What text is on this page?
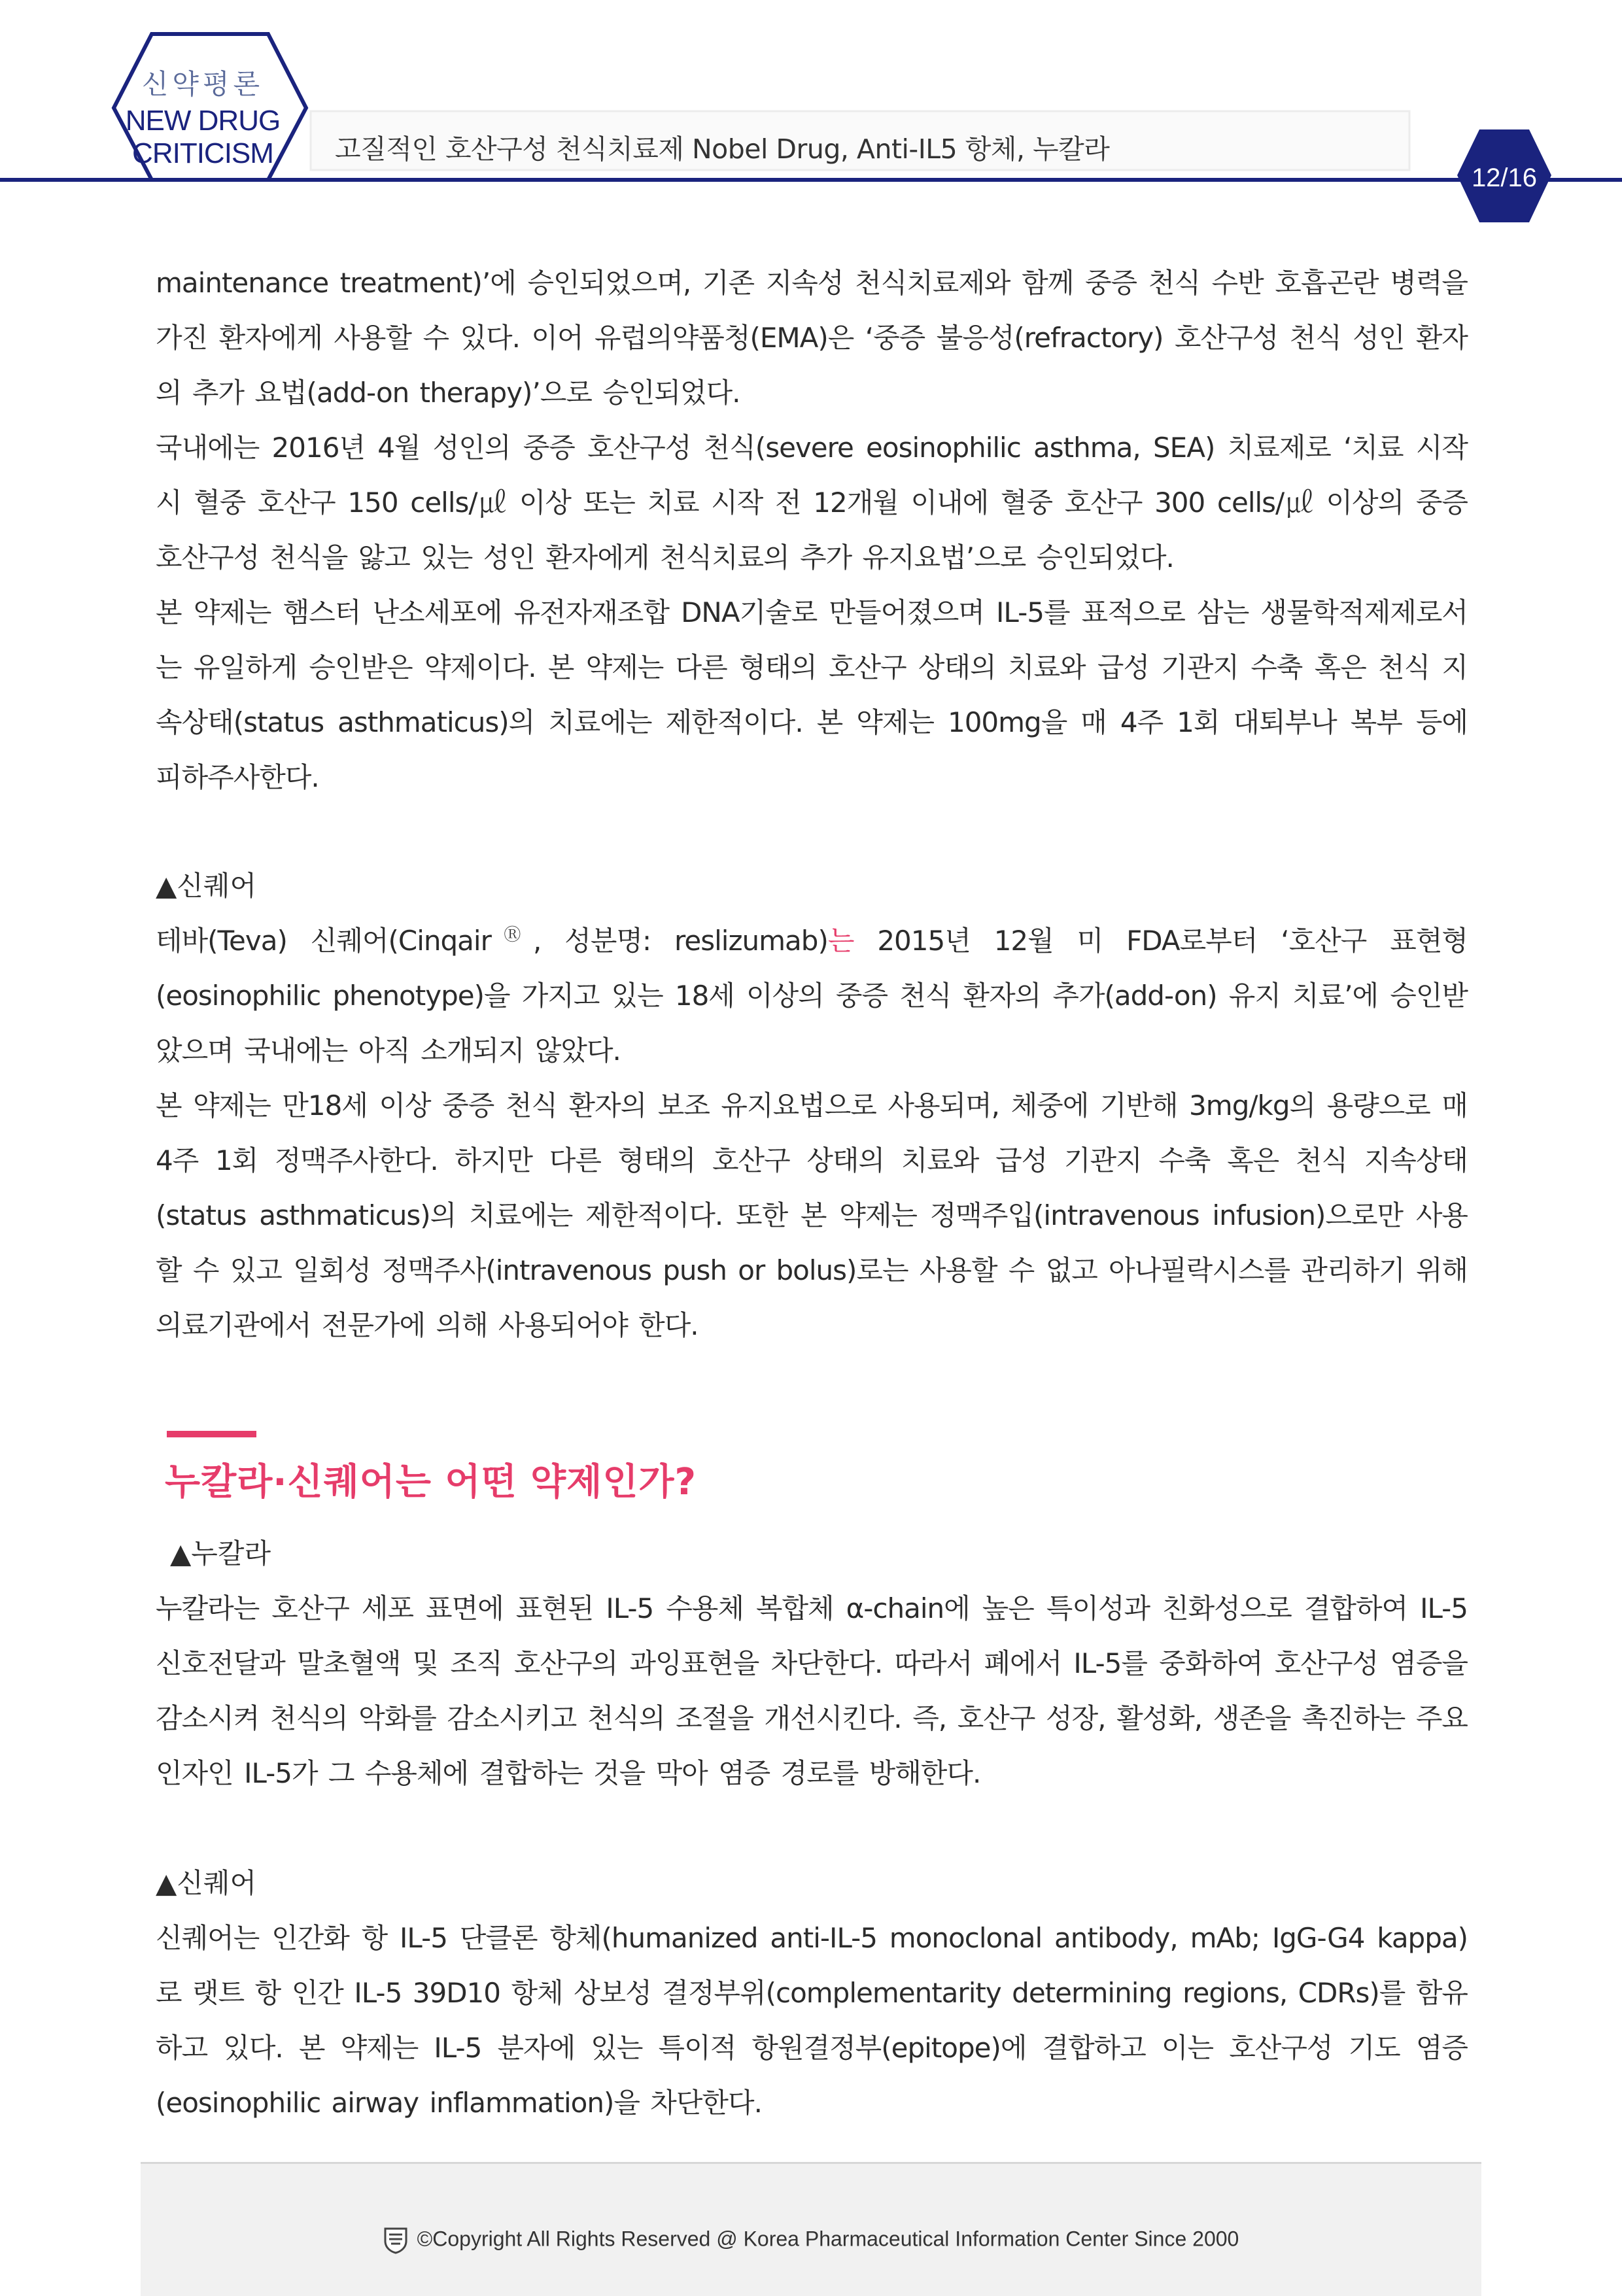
신약평론
NEW DRUG
CRITICISM	고질적인 호산구성 천식치료제 Nobel Drug, Anti-IL5 항체, 누칼라
12/16

maintenance treatment)’에 승인되었으며, 기존 지속성 천식치료제와 함께 중증 천식 수반 호흡곤란 병력을 가진 환자에게 사용할 수 있다. 이어 유럽의약품청(EMA)은 ‘중증 불응성(refractory) 호산구성 천식 성인 환자의 추가 요법(add-on therapy)’으로 승인되었다.

국내에는 2016년 4월 성인의 중증 호산구성 천식(severe eosinophilic asthma, SEA) 치료제로 ‘치료 시작 시 혈중 호산구 150 cells/㎕ 이상 또는 치료 시작 전 12개월 이내에 혈중 호산구 300 cells/㎕ 이상의 중증 호산구성 천식을 앓고 있는 성인 환자에게 천식치료의 추가 유지요법’으로 승인되었다.

본 약제는 햄스터 난소세포에 유전자재조합 DNA기술로 만들어졌으며 IL-5를 표적으로 삼는 생물학적제제로서는 유일하게 승인받은 약제이다. 본 약제는 다른 형태의 호산구 상태의 치료와 급성 기관지 수축 혹은 천식 지속상태(status asthmaticus)의 치료에는 제한적이다. 본 약제는 100mg을 매 4주 1회 대퇴부나 복부 등에 피하주사한다.

▲신퀘어

테바(Teva) 신퀘어(CinqairⓇ, 성분명: reslizumab)는 2015년 12월 미 FDA로부터 ‘호산구 표현형(eosinophilic phenotype)을 가지고 있는 18세 이상의 중증 천식 환자의 추가(add-on) 유지 치료’에 승인받았으며 국내에는 아직 소개되지 않았다.

본 약제는 만18세 이상 중증 천식 환자의 보조 유지요법으로 사용되며, 체중에 기반해 3mg/kg의 용량으로 매 4주 1회 정맥주사한다. 하지만 다른 형태의 호산구 상태의 치료와 급성 기관지 수축 혹은 천식 지속상태(status asthmaticus)의 치료에는 제한적이다. 또한 본 약제는 정맥주입(intravenous infusion)으로만 사용할 수 있고 일회성 정맥주사(intravenous push or bolus)로는 사용할 수 없고 아나필락시스를 관리하기 위해 의료기관에서 전문가에 의해 사용되어야 한다.

누칼라·신퀘어는 어떤 약제인가?

▲누칼라

누칼라는 호산구 세포 표면에 표현된 IL-5 수용체 복합체 α-chain에 높은 특이성과 친화성으로 결합하여 IL-5 신호전달과 말초혈액 및 조직 호산구의 과잉표현을 차단한다. 따라서 폐에서 IL-5를 중화하여 호산구성 염증을 감소시켜 천식의 악화를 감소시키고 천식의 조절을 개선시킨다. 즉, 호산구 성장, 활성화, 생존을 촉진하는 주요인자인 IL-5가 그 수용체에 결합하는 것을 막아 염증 경로를 방해한다.

▲신퀘어

신퀘어는 인간화 항 IL-5 단클론 항체(humanized anti-IL-5 monoclonal antibody, mAb; IgG-G4 kappa)로 랫트 항 인간 IL-5 39D10 항체 상보성 결정부위(complementarity determining regions, CDRs)를 함유하고 있다. 본 약제는 IL-5 분자에 있는 특이적 항원결정부(epitope)에 결합하고 이는 호산구성 기도 염증(eosinophilic airway inflammation)을 차단한다.

©Copyright All Rights Reserved @ Korea Pharmaceutical Information Center Since 2000
